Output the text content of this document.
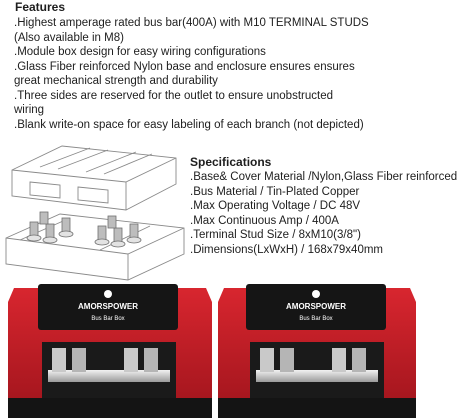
Features
.Highest amperage rated bus bar(400A) with M10 TERMINAL STUDS
(Also available in M8)
.Module box design for easy wiring configurations
.Glass Fiber reinforced Nylon base and enclosure ensures ensures
great mechanical strength and durability
.Three sides are reserved for the outlet to ensure unobstructed
wiring
.Blank write-on space for easy labeling of each branch (not depicted)
Specifications
.Base& Cover Material /Nylon,Glass Fiber reinforced
.Bus Material / Tin-Plated Copper
.Max Operating Voltage / DC 48V
.Max Continuous Amp / 400A
.Terminal Stud Size / 8xM10(3/8")
.Dimensions(LxWxH) / 168x79x40mm
AMORSPOWER
Bus Bar Box
AMORSPOWER
Bus Bar Box
